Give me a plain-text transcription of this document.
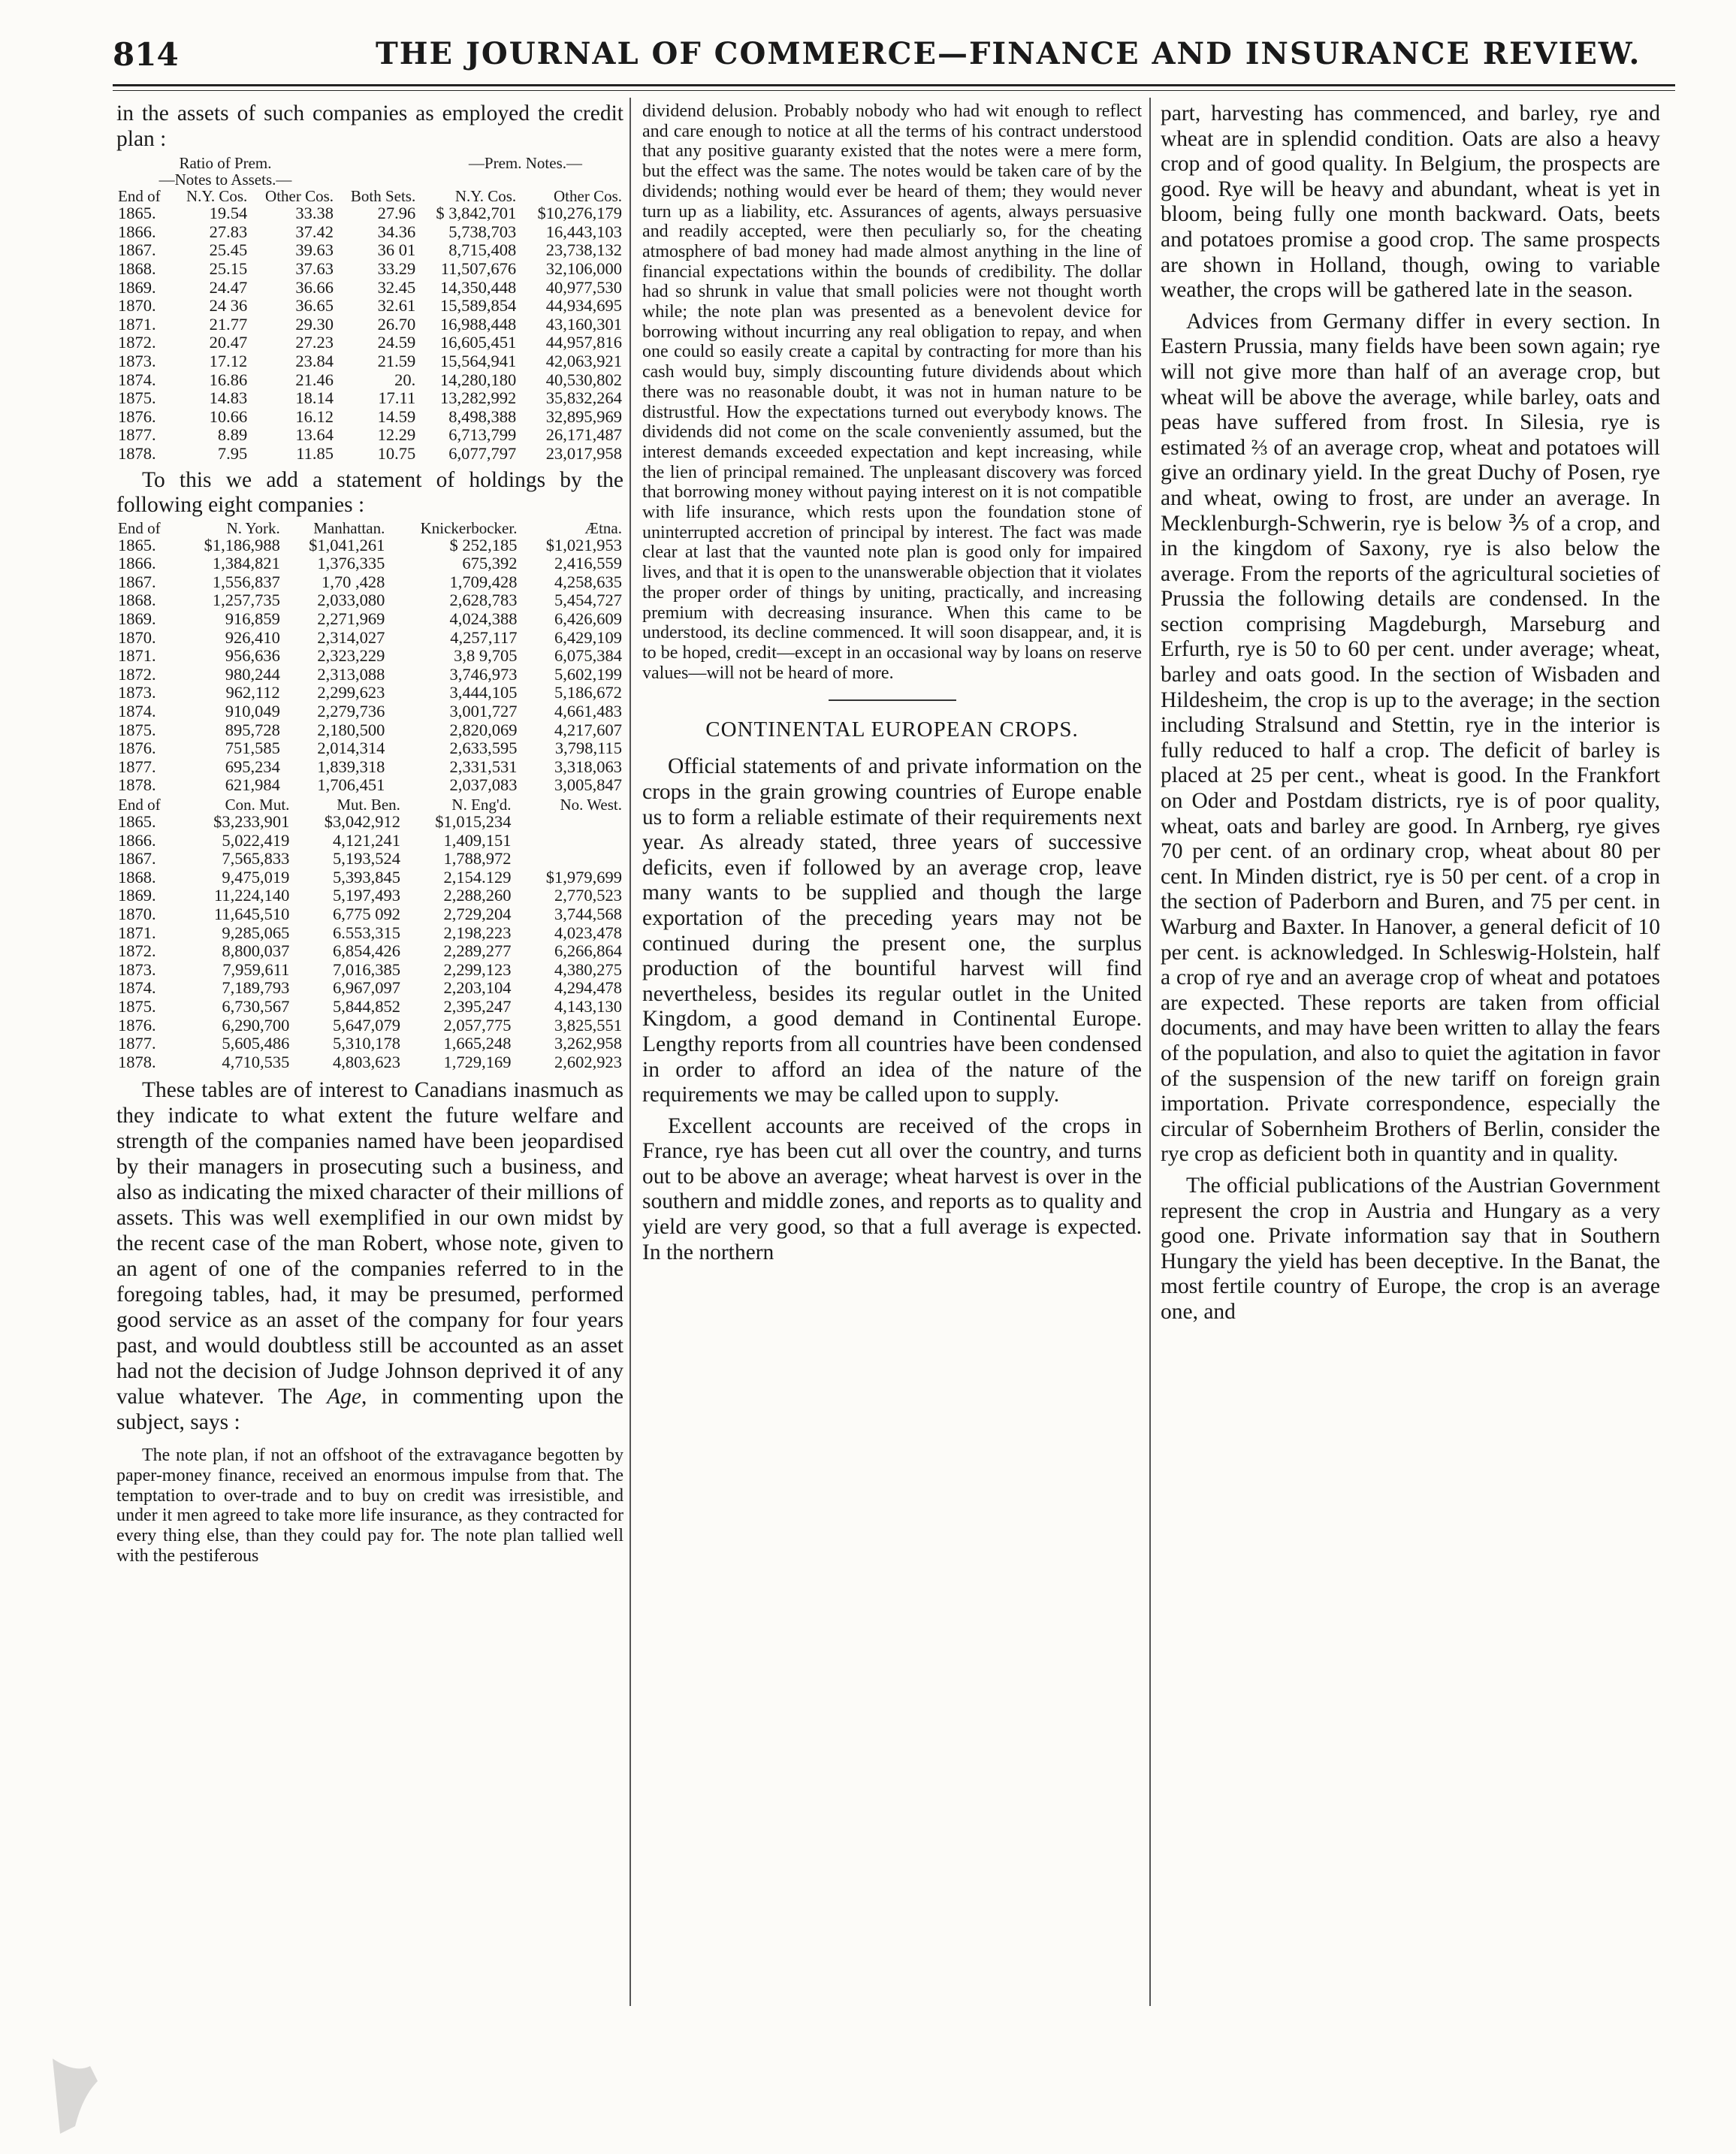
814	THE JOURNAL OF COMMERCE—FINANCE AND INSURANCE REVIEW.

in the assets of such companies as employed the credit plan :

Ratio of Prem.	—Prem. Notes.—
—Notes to Assets.—
End of	N.Y. Cos.	Other Cos.	Both Sets.	N.Y. Cos.	Other Cos.
1865.	19.54	33.38	27.96	$ 3,842,701	$10,276,179
1866.	27.83	37.42	34.36	5,738,703	16,443,103
1867.	25.45	39.63	36 01	8,715,408	23,738,132
1868.	25.15	37.63	33.29	11,507,676	32,106,000
1869.	24.47	36.66	32.45	14,350,448	40,977,530
1870.	24 36	36.65	32.61	15,589,854	44,934,695
1871.	21.77	29.30	26.70	16,988,448	43,160,301
1872.	20.47	27.23	24.59	16,605,451	44,957,816
1873.	17.12	23.84	21.59	15,564,941	42,063,921
1874.	16.86	21.46	20.	14,280,180	40,530,802
1875.	14.83	18.14	17.11	13,282,992	35,832,264
1876.	10.66	16.12	14.59	8,498,388	32,895,969
1877.	8.89	13.64	12.29	6,713,799	26,171,487
1878.	7.95	11.85	10.75	6,077,797	23,017,958

To this we add a statement of holdings by the following eight companies :

End of	N. York.	Manhattan.	Knickerbocker.	Ætna.
1865.	$1,186,988	$1,041,261	$ 252,185	$1,021,953
1866.	1,384,821	1,376,335	675,392	2,416,559
1867.	1,556,837	1,70 ,428	1,709,428	4,258,635
1868.	1,257,735	2,033,080	2,628,783	5,454,727
1869.	916,859	2,271,969	4,024,388	6,426,609
1870.	926,410	2,314,027	4,257,117	6,429,109
1871.	956,636	2,323,229	3,8 9,705	6,075,384
1872.	980,244	2,313,088	3,746,973	5,602,199
1873.	962,112	2,299,623	3,444,105	5,186,672
1874.	910,049	2,279,736	3,001,727	4,661,483
1875.	895,728	2,180,500	2,820,069	4,217,607
1876.	751,585	2,014,314	2,633,595	3,798,115
1877.	695,234	1,839,318	2,331,531	3,318,063
1878.	621,984	1,706,451	2,037,083	3,005,847
End of	Con. Mut.	Mut. Ben.	N. Eng'd.	No. West.
1865.	$3,233,901	$3,042,912	$1,015,234	
1866.	5,022,419	4,121,241	1,409,151	
1867.	7,565,833	5,193,524	1,788,972	
1868.	9,475,019	5,393,845	2,154.129	$1,979,699
1869.	11,224,140	5,197,493	2,288,260	2,770,523
1870.	11,645,510	6,775 092	2,729,204	3,744,568
1871.	9,285,065	6.553,315	2,198,223	4,023,478
1872.	8,800,037	6,854,426	2,289,277	6,266,864
1873.	7,959,611	7,016,385	2,299,123	4,380,275
1874.	7,189,793	6,967,097	2,203,104	4,294,478
1875.	6,730,567	5,844,852	2,395,247	4,143,130
1876.	6,290,700	5,647,079	2,057,775	3,825,551
1877.	5,605,486	5,310,178	1,665,248	3,262,958
1878.	4,710,535	4,803,623	1,729,169	2,602,923

These tables are of interest to Canadians inasmuch as they indicate to what extent the future welfare and strength of the companies named have been jeopardised by their managers in prosecuting such a business, and also as indicating the mixed character of their millions of assets. This was well exemplified in our own midst by the recent case of the man Robert, whose note, given to an agent of one of the companies referred to in the foregoing tables, had, it may be presumed, performed good service as an asset of the company for four years past, and would doubtless still be accounted as an asset had not the decision of Judge Johnson deprived it of any value whatever. The Age, in commenting upon the subject, says :

The note plan, if not an offshoot of the extravagance begotten by paper-money finance, received an enormous impulse from that. The temptation to over-trade and to buy on credit was irresistible, and under it men agreed to take more life insurance, as they contracted for every thing else, than they could pay for. The note plan tallied well with the pestiferous

dividend delusion. Probably nobody who had wit enough to reflect and care enough to notice at all the terms of his contract understood that any positive guaranty existed that the notes were a mere form, but the effect was the same. The notes would be taken care of by the dividends; nothing would ever be heard of them; they would never turn up as a liability, etc. Assurances of agents, always persuasive and readily accepted, were then peculiarly so, for the cheating atmosphere of bad money had made almost anything in the line of financial expectations within the bounds of credibility. The dollar had so shrunk in value that small policies were not thought worth while; the note plan was presented as a benevolent device for borrowing without incurring any real obligation to repay, and when one could so easily create a capital by contracting for more than his cash would buy, simply discounting future dividends about which there was no reasonable doubt, it was not in human nature to be distrustful. How the expectations turned out everybody knows. The dividends did not come on the scale conveniently assumed, but the interest demands exceeded expectation and kept increasing, while the lien of principal remained. The unpleasant discovery was forced that borrowing money without paying interest on it is not compatible with life insurance, which rests upon the foundation stone of uninterrupted accretion of principal by interest. The fact was made clear at last that the vaunted note plan is good only for impaired lives, and that it is open to the unanswerable objection that it violates the proper order of things by uniting, practically, and increasing premium with decreasing insurance. When this came to be understood, its decline commenced. It will soon disappear, and, it is to be hoped, credit—except in an occasional way by loans on reserve values—will not be heard of more.

CONTINENTAL EUROPEAN CROPS.

Official statements of and private information on the crops in the grain growing countries of Europe enable us to form a reliable estimate of their requirements next year. As already stated, three years of successive deficits, even if followed by an average crop, leave many wants to be supplied and though the large exportation of the preceding years may not be continued during the present one, the surplus production of the bountiful harvest will find nevertheless, besides its regular outlet in the United Kingdom, a good demand in Continental Europe. Lengthy reports from all countries have been condensed in order to afford an idea of the nature of the requirements we may be called upon to supply.

Excellent accounts are received of the crops in France, rye has been cut all over the country, and turns out to be above an average; wheat harvest is over in the southern and middle zones, and reports as to quality and yield are very good, so that a full average is expected. In the northern

part, harvesting has commenced, and barley, rye and wheat are in splendid condition. Oats are also a heavy crop and of good quality. In Belgium, the prospects are good. Rye will be heavy and abundant, wheat is yet in bloom, being fully one month backward. Oats, beets and potatoes promise a good crop. The same prospects are shown in Holland, though, owing to variable weather, the crops will be gathered late in the season.

Advices from Germany differ in every section. In Eastern Prussia, many fields have been sown again; rye will not give more than half of an average crop, but wheat will be above the average, while barley, oats and peas have suffered from frost. In Silesia, rye is estimated ⅔ of an average crop, wheat and potatoes will give an ordinary yield. In the great Duchy of Posen, rye and wheat, owing to frost, are under an average. In Mecklenburgh-Schwerin, rye is below ⅗ of a crop, and in the kingdom of Saxony, rye is also below the average. From the reports of the agricultural societies of Prussia the following details are condensed. In the section comprising Magdeburgh, Marseburg and Erfurth, rye is 50 to 60 per cent. under average; wheat, barley and oats good. In the section of Wisbaden and Hildesheim, the crop is up to the average; in the section including Stralsund and Stettin, rye in the interior is fully reduced to half a crop. The deficit of barley is placed at 25 per cent., wheat is good. In the Frankfort on Oder and Postdam districts, rye is of poor quality, wheat, oats and barley are good. In Arnberg, rye gives 70 per cent. of an ordinary crop, wheat about 80 per cent. In Minden district, rye is 50 per cent. of a crop in the section of Paderborn and Buren, and 75 per cent. in Warburg and Baxter. In Hanover, a general deficit of 10 per cent. is acknowledged. In Schleswig-Holstein, half a crop of rye and an average crop of wheat and potatoes are expected. These reports are taken from official documents, and may have been written to allay the fears of the population, and also to quiet the agitation in favor of the suspension of the new tariff on foreign grain importation. Private correspondence, especially the circular of Sobernheim Brothers of Berlin, consider the rye crop as deficient both in quantity and in quality.

The official publications of the Austrian Government represent the crop in Austria and Hungary as a very good one. Private information say that in Southern Hungary the yield has been deceptive. In the Banat, the most fertile country of Europe, the crop is an average one, and
